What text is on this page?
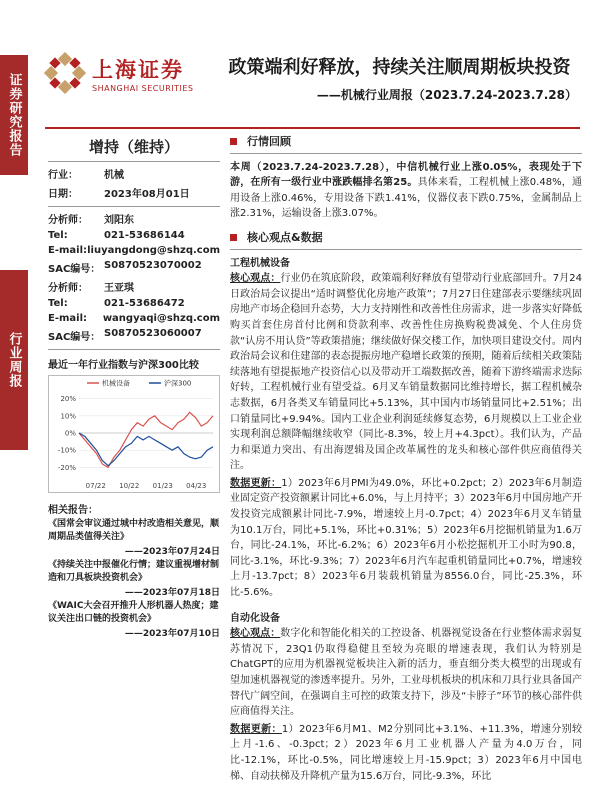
证券研究报告
行业周报
上海证券
SHANGHAI SECURITIES
政策端利好释放，持续关注顺周期板块投资
——机械行业周报（2023.7.24-2023.7.28）
增持（维持）
行业：	机械
日期：	2023年08月01日
分析师：	刘阳东
Tel:	021-53686144
E-mail: liuyangdong@shzq.com
SAC编号： S0870523070002
分析师：	王亚琪
Tel:	021-53686472
E-mail:	wangyaqi@shzq.com
SAC编号： S0870523060007
最近一年行业指数与沪深300比较
20%
10%
0%
-10%
-20%
07/22 10/22 01/23 04/23
机械设备	沪深300
相关报告：
《国常会审议通过城中村改造相关意见，顺周期品类值得关注》
——2023年07月24日
《持续关注中报催化行情；建议重视增材制造和刀具板块投资机会》
——2023年07月18日
《WAIC大会召开推升人形机器人热度；建议关注出口链的投资机会》
——2023年07月10日
行情回顾
本周（2023.7.24-2023.7.28），中信机械行业上涨0.05%，表现处于下游，在所有一级行业中涨跌幅排名第25。具体来看，工程机械上涨0.48%，通用设备上涨0.46%，专用设备下跌1.41%，仪器仪表下跌0.75%，金属制品上涨2.31%，运输设备上涨3.07%。
核心观点&数据
工程机械设备
核心观点：行业仍在筑底阶段，政策端利好释放有望带动行业底部回升。7月24日政治局会议提出“适时调整优化房地产政策”；7月27日住建部表示要继续巩固房地产市场企稳回升态势，大力支持刚性和改善性住房需求，进一步落实好降低购买首套住房首付比例和贷款利率、改善性住房换购税费减免、个人住房贷款“认房不用认贷”等政策措施；继续做好保交楼工作，加快项目建设交付。周内政治局会议和住建部的表态提振房地产稳增长政策的预期，随着后续相关政策陆续落地有望提振地产投资信心以及带动开工端数据改善，随着下游终端需求迭际好转，工程机械行业有望受益。6月叉车销量数据同比维持增长，据工程机械杂志数据，6月各类叉车销量同比+5.13%，其中国内市场销量同比+2.51%；出口销量同比+9.94%。国内工业企业利润延续修复态势，6月规模以上工业企业实现利润总额降幅继续收窄（同比-8.3%，较上月+4.3pct）。我们认为，产品力和渠道力突出、有出海逻辑及国企改革属性的龙头和核心部件供应商值得关注。
数据更新：1）2023年6月PMI为49.0%，环比+0.2pct；2）2023年6月制造业固定资产投资额累计同比+6.0%，与上月持平；3）2023年6月中国房地产开发投资完成额累计同比-7.9%，增速较上月-0.7pct；4）2023年6月叉车销量为10.1万台，同比+5.1%，环比+0.31%；5）2023年6月挖掘机销量为1.6万台，同比-24.1%，环比-6.2%；6）2023年6月小松挖掘机开工小时为90.8，同比-3.1%，环比-9.3%；7）2023年6月汽车起重机销量同比+0.7%，增速较上月-13.7pct；8）2023年6月装载机销量为8556.0台，同比-25.3%，环比-5.6%。
自动化设备
核心观点：数字化和智能化相关的工控设备、机器视觉设备在行业整体需求弱复苏情况下，23Q1仍取得稳健且至较为亮眼的增速表现，我们认为特别是ChatGPT的应用为机器视觉板块注入新的活力，垂直细分类大模型的出现或有望加速机器视觉的渗透率提升。另外，工业母机板块的机床和刀具行业具备国产替代广阔空间，在强调自主可控的政策支持下，涉及“卡脖子”环节的核心部件供应商值得关注。
数据更新：1）2023年6月M1、M2分别同比+3.1%、+11.3%，增速分别较上月-1.6、-0.3pct；2）2023年6月工业机器人产量为4.0万台，同比-12.1%，环比-0.5%，同比增速较上月-15.9pct；3）2023年6月中国电梯、自动扶梯及升降机产量为15.6万台，同比-9.3%，环比
